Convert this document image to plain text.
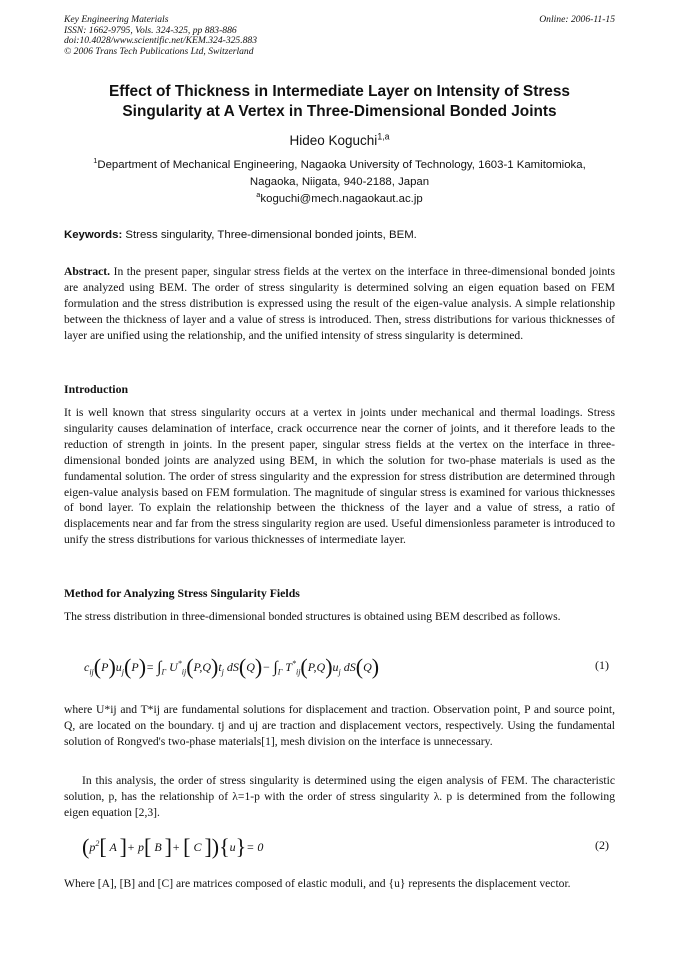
Key Engineering Materials
ISSN: 1662-9795, Vols. 324-325, pp 883-886
doi:10.4028/www.scientific.net/KEM.324-325.883
© 2006 Trans Tech Publications Ltd, Switzerland
Online: 2006-11-15
Effect of Thickness in Intermediate Layer on Intensity of Stress
Singularity at A Vertex in Three-Dimensional Bonded Joints
Hideo Koguchi$^{1,a}$
$^1$Department of Mechanical Engineering, Nagaoka University of Technology, 1603-1 Kamitomioka,
Nagaoka, Niigata, 940-2188, Japan
$^a$koguchi@mech.nagaokaut.ac.jp
Keywords: Stress singularity, Three-dimensional bonded joints, BEM.
Abstract. In the present paper, singular stress fields at the vertex on the interface in three-dimensional bonded joints are analyzed using BEM. The order of stress singularity is determined solving an eigen equation based on FEM formulation and the stress distribution is expressed using the result of the eigen-value analysis. A simple relationship between the thickness of layer and a value of stress is introduced. Then, stress distributions for various thicknesses of layer are unified using the relationship, and the unified intensity of stress singularity is determined.
Introduction
It is well known that stress singularity occurs at a vertex in joints under mechanical and thermal loadings. Stress singularity causes delamination of interface, crack occurrence near the corner of joints, and it therefore leads to the reduction of strength in joints. In the present paper, singular stress fields at the vertex on the interface in three-dimensional bonded joints are analyzed using BEM, in which the solution for two-phase materials is used as the fundamental solution. The order of stress singularity and the expression for stress distribution are determined through eigen-value analysis based on FEM formulation. The magnitude of singular stress is examined for various thicknesses of bond layer. To explain the relationship between the thickness of the layer and a value of stress, a ratio of displacements near and far from the stress singularity region are used. Useful dimensionless parameter is introduced to unify the stress distributions for various thicknesses of intermediate layer.
Method for Analyzing Stress Singularity Fields
The stress distribution in three-dimensional bonded structures is obtained using BEM described as follows.
$c_{ij}(P)u_j(P)= \int_\Gamma$ $U^*_{ij}(P,Q)t_j$ $dS(Q)- \int_\Gamma$ $T^*_{ij}(P,Q)u_j$ dS(Q)	(1)
where U*ij and T*ij are fundamental solutions for displacement and traction. Observation point, P and source point, Q, are located on the boundary. tj and uj are traction and displacement vectors, respectively. Using the fundamental solution of Rongved's two-phase materials[1], mesh division on the interface is unnecessary.
In this analysis, the order of stress singularity is determined using the eigen analysis of FEM. The characteristic solution, p, has the relationship of λ=1-p with the order of stress singularity λ. p is determined from the following eigen equation [2,3].
($p^2$[ A ]+ p[ B ]+ [ C ]){u}= 0	(2)
Where [A], [B] and [C] are matrices composed of elastic moduli, and {u} represents the displacement vector.
